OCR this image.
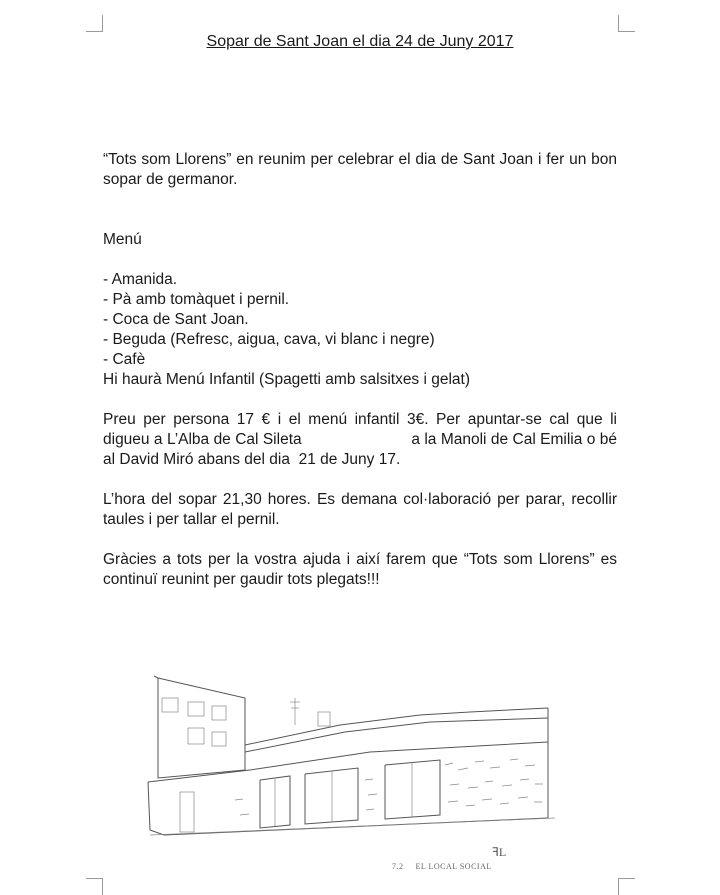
Sopar de Sant Joan el dia 24 de Juny 2017

“Tots som Llorens” en reunim per celebrar el dia de Sant Joan i fer un bon sopar de germanor.

Menú

- Amanida.

- Pà amb tomàquet i pernil.

- Coca de Sant Joan.

- Beguda (Refresc, aigua, cava, vi blanc i negre)

- Cafè

Hi haurà Menú Infantil (Spagetti amb salsitxes i gelat)

Preu per persona 17 € i el menú infantil 3€. Per apuntar-se cal que li digueu a L’Alba de Cal Sileta                         a la Manoli de Cal Emilia o bé al David Miró abans del dia  21 de Juny 17.

L’hora del sopar 21,30 hores. Es demana col·laboració per parar, recollir taules i per tallar el pernil.

Gràcies a tots per la vostra ajuda i així farem que “Tots som Llorens” es continuï reunint per gaudir tots plegats!!!

ꟻL
7.2 EL LOCAL SOCIAL
